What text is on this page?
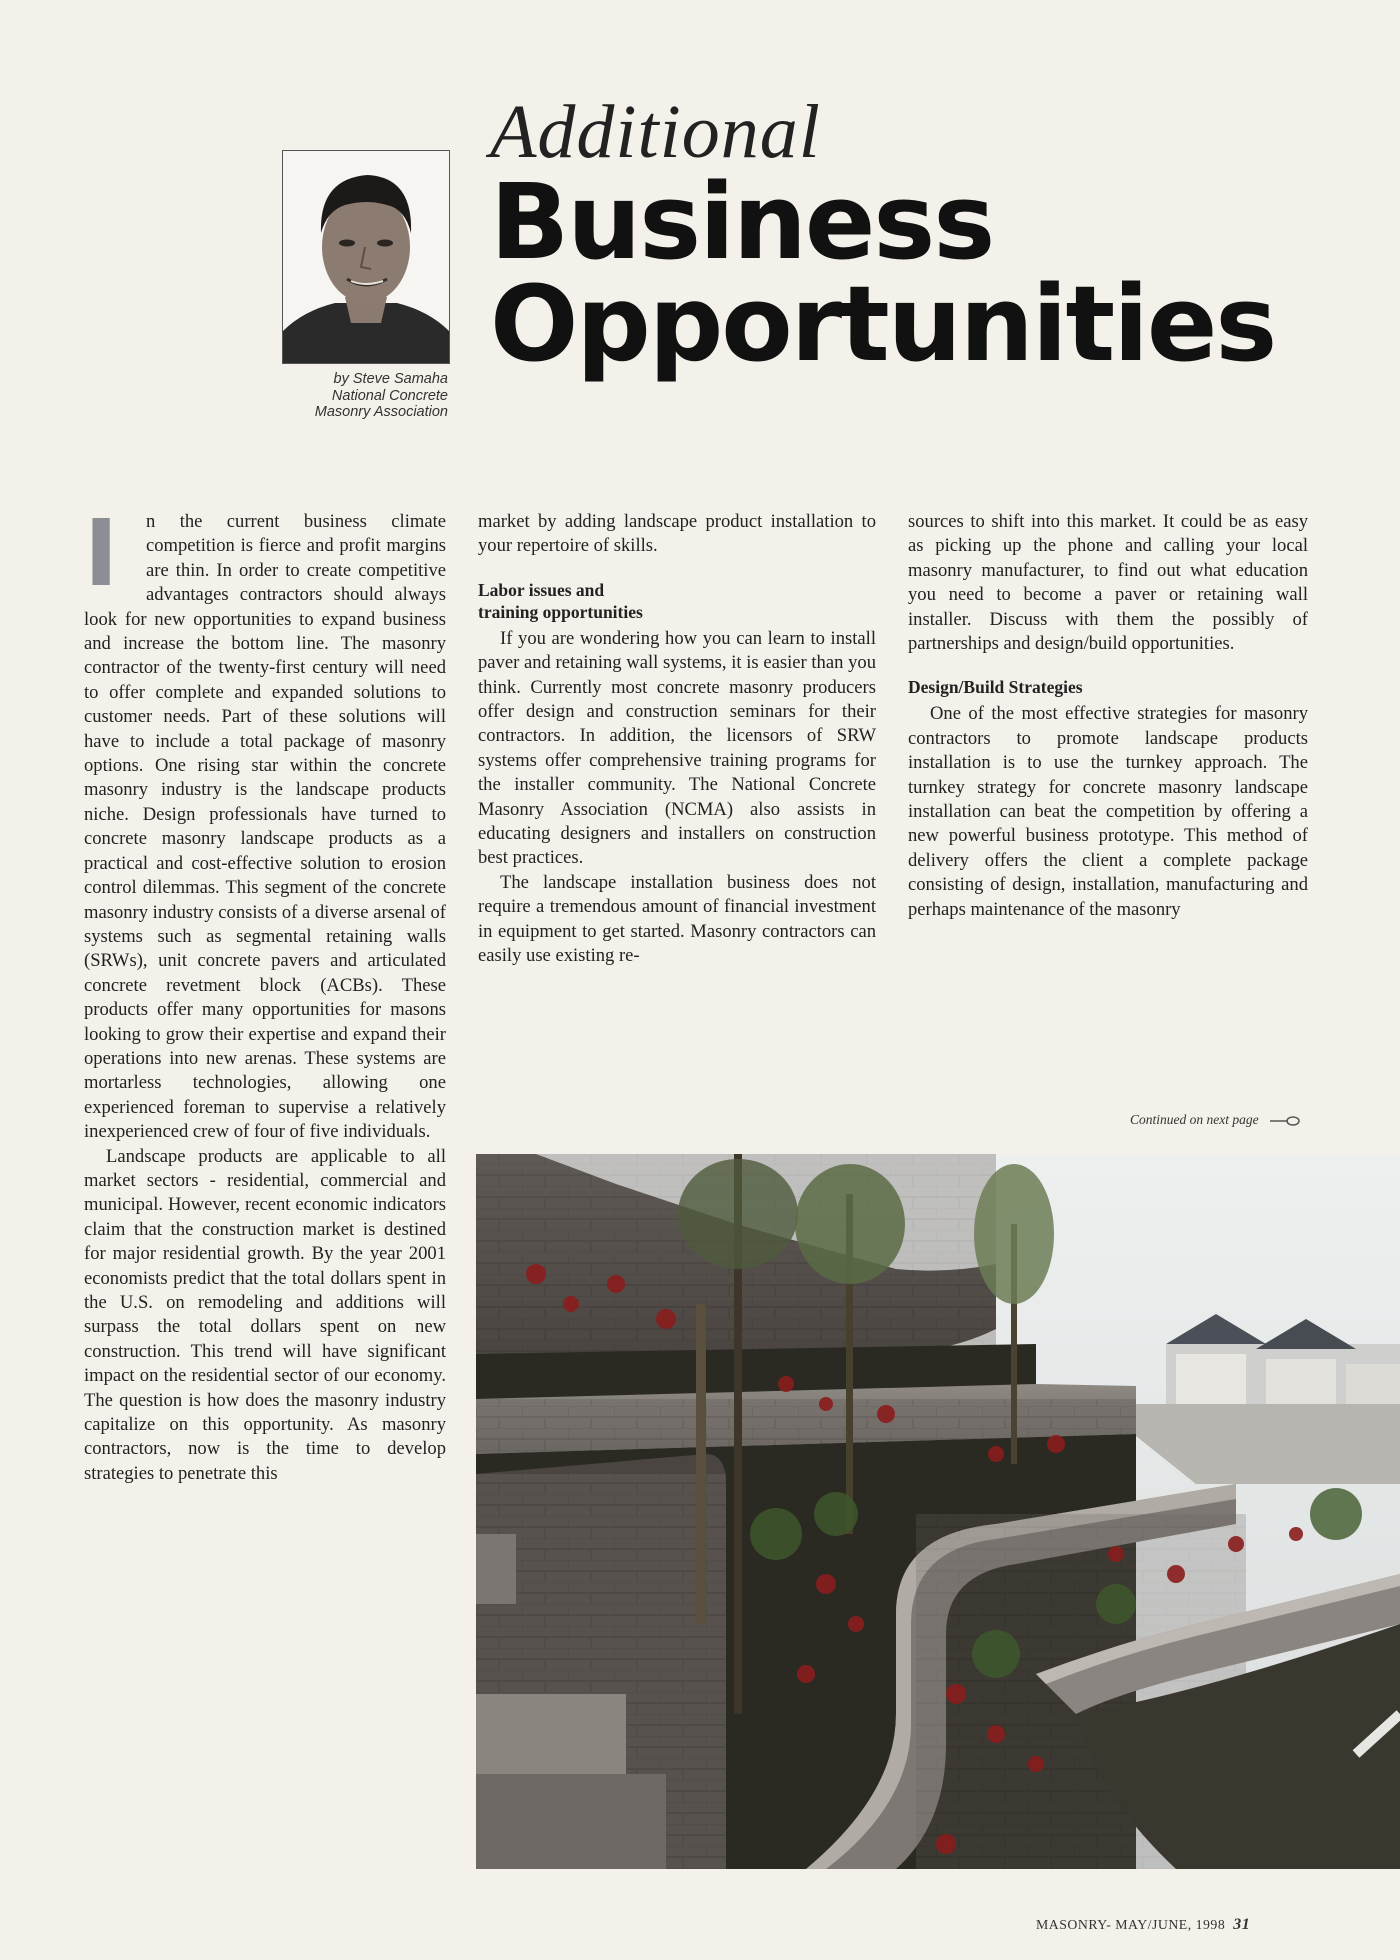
by Steve Samaha
National Concrete
Masonry Association
Additional
Business
Opportunities

I	n the current business climate competition is fierce and profit margins are thin. In order to create competitive advantages contractors should always look for new opportunities to expand business and increase the bottom line. The masonry contractor of the twenty-first century will need to offer complete and expanded solutions to customer needs. Part of these solutions will have to include a total package of masonry options. One rising star within the concrete masonry industry is the landscape products niche. Design professionals have turned to concrete masonry landscape products as a practical and cost-effective solution to erosion control dilemmas. This segment of the concrete masonry industry consists of a diverse arsenal of systems such as segmental retaining walls (SRWs), unit concrete pavers and articulated concrete revetment block (ACBs). These products offer many opportunities for masons looking to grow their expertise and expand their operations into new arenas. These systems are mortarless technologies, allowing one experienced foreman to supervise a relatively inexperienced crew of four of five individuals.

Landscape products are applicable to all market sectors - residential, commercial and municipal. However, recent economic indicators claim that the construction market is destined for major residential growth. By the year 2001 economists predict that the total dollars spent in the U.S. on remodeling and additions will surpass the total dollars spent on new construction. This trend will have significant impact on the residential sector of our economy. The question is how does the masonry industry capitalize on this opportunity. As masonry contractors, now is the time to develop strategies to penetrate this

market by adding landscape product installation to your repertoire of skills.

Labor issues and
training opportunities

If you are wondering how you can learn to install paver and retaining wall systems, it is easier than you think. Currently most concrete masonry producers offer design and construction seminars for their contractors. In addition, the licensors of SRW systems offer comprehensive training programs for the installer community. The National Concrete Masonry Association (NCMA) also assists in educating designers and installers on construction best practices.

The landscape installation business does not require a tremendous amount of financial investment in equipment to get started. Masonry contractors can easily use existing re-

sources to shift into this market. It could be as easy as picking up the phone and calling your local masonry manufacturer, to find out what education you need to become a paver or retaining wall installer. Discuss with them the possibly of partnerships and design/build opportunities.

Design/Build Strategies

One of the most effective strategies for masonry contractors to promote landscape products installation is to use the turnkey approach. The turnkey strategy for concrete masonry landscape installation can beat the competition by offering a new powerful business prototype. This method of delivery offers the client a complete package consisting of design, installation, manufacturing and perhaps maintenance of the masonry

Continued on next page
MASONRY- MAY/JUNE, 1998 31
